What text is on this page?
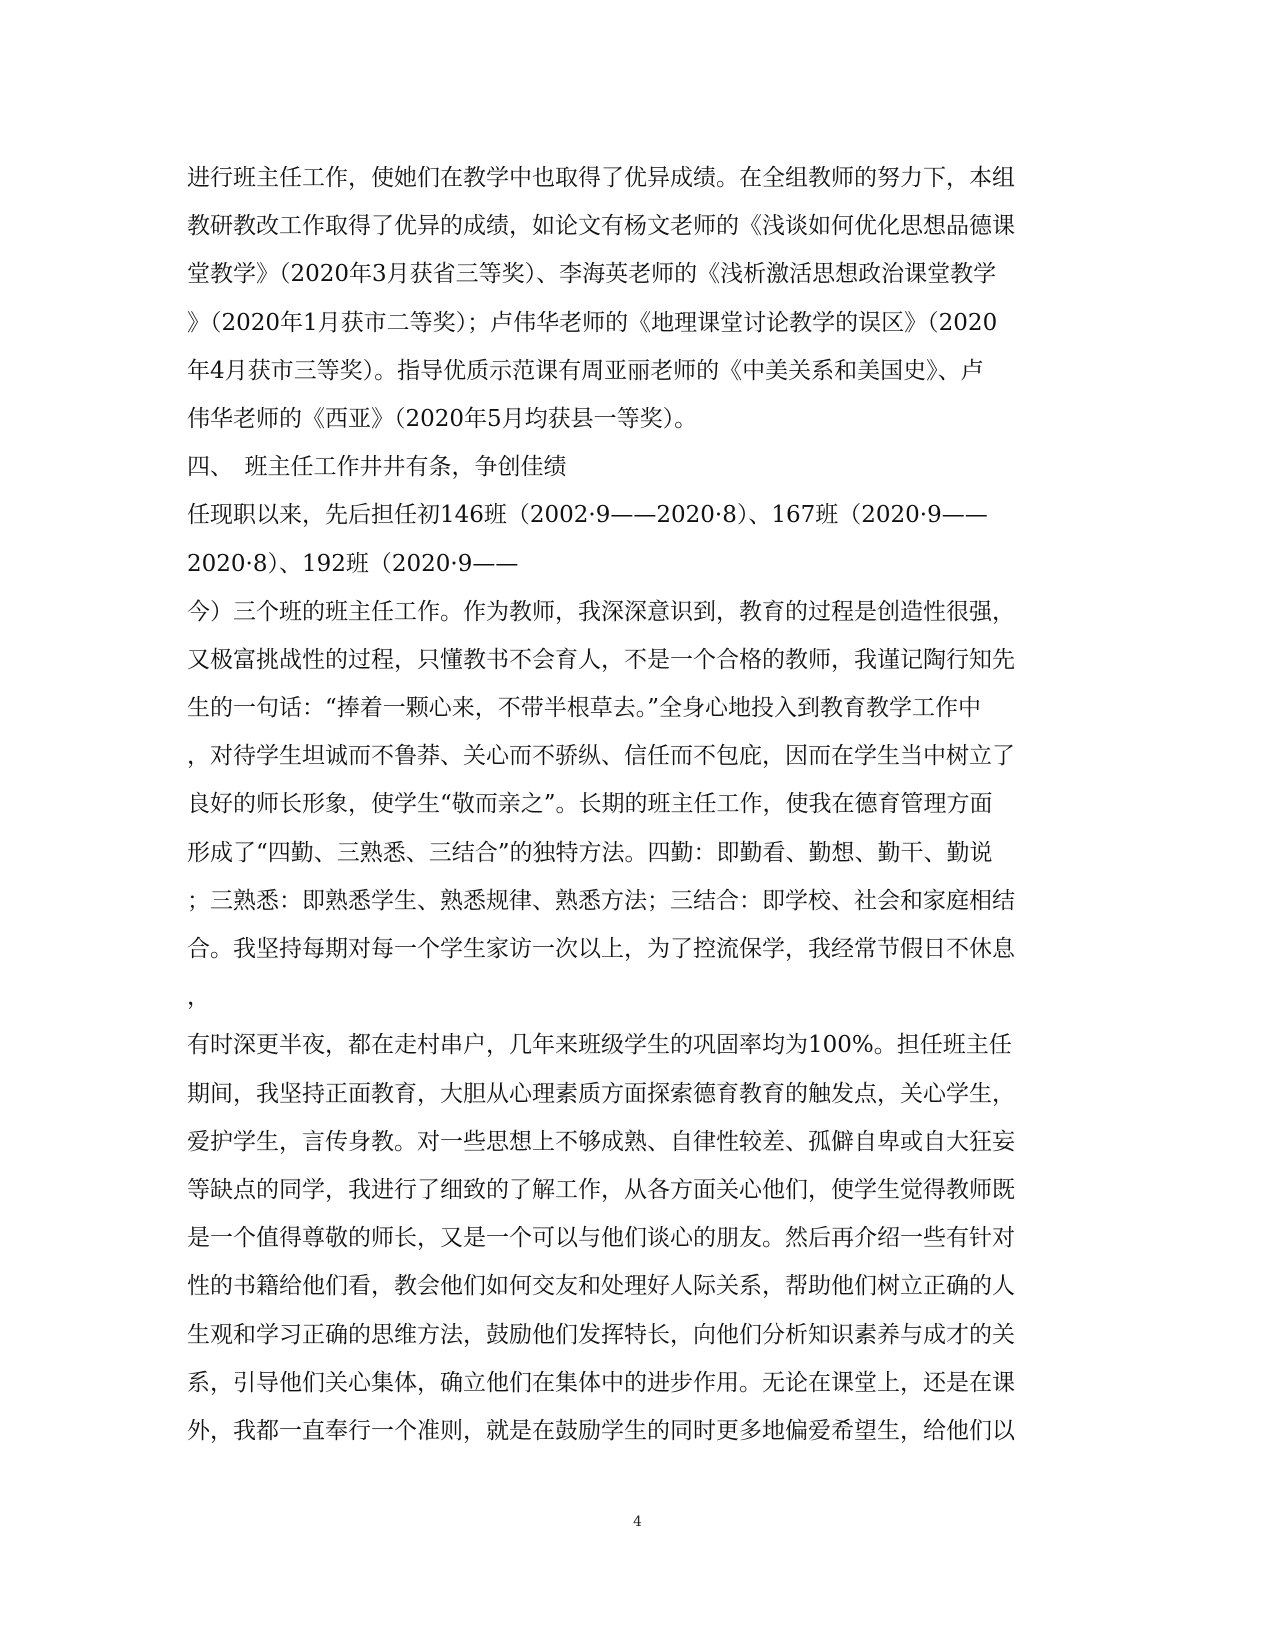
进行班主任工作，使她们在教学中也取得了优异成绩。在全组教师的努力下，本组
教研教改工作取得了优异的成绩，如论文有杨文老师的《浅谈如何优化思想品德课
堂教学》（2020年3月获省三等奖）、李海英老师的《浅析激活思想政治课堂教学
》（2020年1月获市二等奖）；卢伟华老师的《地理课堂讨论教学的误区》（2020
年4月获市三等奖）。指导优质示范课有周亚丽老师的《中美关系和美国史》、卢
伟华老师的《西亚》（2020年5月均获县一等奖）。
四、　班主任工作井井有条，争创佳绩
任现职以来，先后担任初146班（2002·9——2020·8）、167班（2020·9——
2020·8）、192班（2020·9——
今）三个班的班主任工作。作为教师，我深深意识到，教育的过程是创造性很强，
又极富挑战性的过程，只懂教书不会育人，不是一个合格的教师，我谨记陶行知先
生的一句话：“捧着一颗心来，不带半根草去。”全身心地投入到教育教学工作中
，对待学生坦诚而不鲁莽、关心而不骄纵、信任而不包庇，因而在学生当中树立了
良好的师长形象，使学生“敬而亲之”。长期的班主任工作，使我在德育管理方面
形成了“四勤、三熟悉、三结合”的独特方法。四勤：即勤看、勤想、勤干、勤说
；三熟悉：即熟悉学生、熟悉规律、熟悉方法；三结合：即学校、社会和家庭相结
合。我坚持每期对每一个学生家访一次以上，为了控流保学，我经常节假日不休息
，
有时深更半夜，都在走村串户，几年来班级学生的巩固率均为100%。担任班主任
期间，我坚持正面教育，大胆从心理素质方面探索德育教育的触发点，关心学生，
爱护学生，言传身教。对一些思想上不够成熟、自律性较差、孤僻自卑或自大狂妄
等缺点的同学，我进行了细致的了解工作，从各方面关心他们，使学生觉得教师既
是一个值得尊敬的师长，又是一个可以与他们谈心的朋友。然后再介绍一些有针对
性的书籍给他们看，教会他们如何交友和处理好人际关系，帮助他们树立正确的人
生观和学习正确的思维方法，鼓励他们发挥特长，向他们分析知识素养与成才的关
系，引导他们关心集体，确立他们在集体中的进步作用。无论在课堂上，还是在课
外，我都一直奉行一个准则，就是在鼓励学生的同时更多地偏爱希望生，给他们以
4
